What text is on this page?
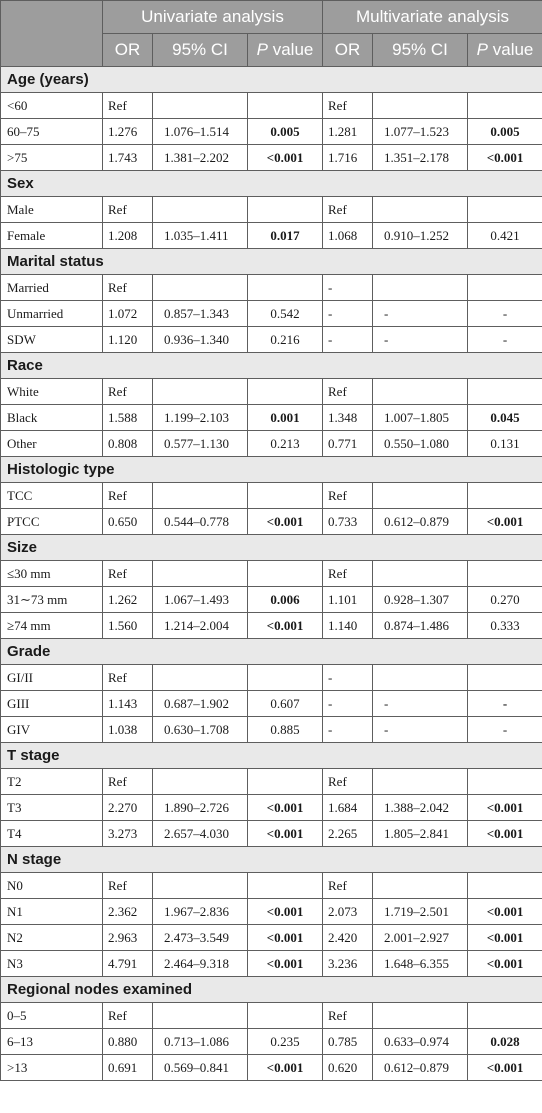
	Univariate analysis			Multivariate analysis		
	OR	95% CI	P value	OR	95% CI	P value
Age (years)						
<60	Ref			Ref		
60–75	1.276	1.076–1.514	0.005	1.281	1.077–1.523	0.005
>75	1.743	1.381–2.202	<0.001	1.716	1.351–2.178	<0.001
Sex						
Male	Ref			Ref		
Female	1.208	1.035–1.411	0.017	1.068	0.910–1.252	0.421
Marital status						
Married	Ref			-		
Unmarried	1.072	0.857–1.343	0.542	-	-	-
SDW	1.120	0.936–1.340	0.216	-	-	-
Race						
White	Ref			Ref		
Black	1.588	1.199–2.103	0.001	1.348	1.007–1.805	0.045
Other	0.808	0.577–1.130	0.213	0.771	0.550–1.080	0.131
Histologic type						
TCC	Ref			Ref		
PTCC	0.650	0.544–0.778	<0.001	0.733	0.612–0.879	<0.001
Size						
≤30 mm	Ref			Ref		
31∼73 mm	1.262	1.067–1.493	0.006	1.101	0.928–1.307	0.270
≥74 mm	1.560	1.214–2.004	<0.001	1.140	0.874–1.486	0.333
Grade						
GI/II	Ref			-		
GIII	1.143	0.687–1.902	0.607	-	-	-
GIV	1.038	0.630–1.708	0.885	-	-	-
T stage						
T2	Ref			Ref		
T3	2.270	1.890–2.726	<0.001	1.684	1.388–2.042	<0.001
T4	3.273	2.657–4.030	<0.001	2.265	1.805–2.841	<0.001
N stage						
N0	Ref			Ref		
N1	2.362	1.967–2.836	<0.001	2.073	1.719–2.501	<0.001
N2	2.963	2.473–3.549	<0.001	2.420	2.001–2.927	<0.001
N3	4.791	2.464–9.318	<0.001	3.236	1.648–6.355	<0.001
Regional nodes examined						
0–5	Ref			Ref		
6–13	0.880	0.713–1.086	0.235	0.785	0.633–0.974	0.028
>13	0.691	0.569–0.841	<0.001	0.620	0.612–0.879	<0.001
